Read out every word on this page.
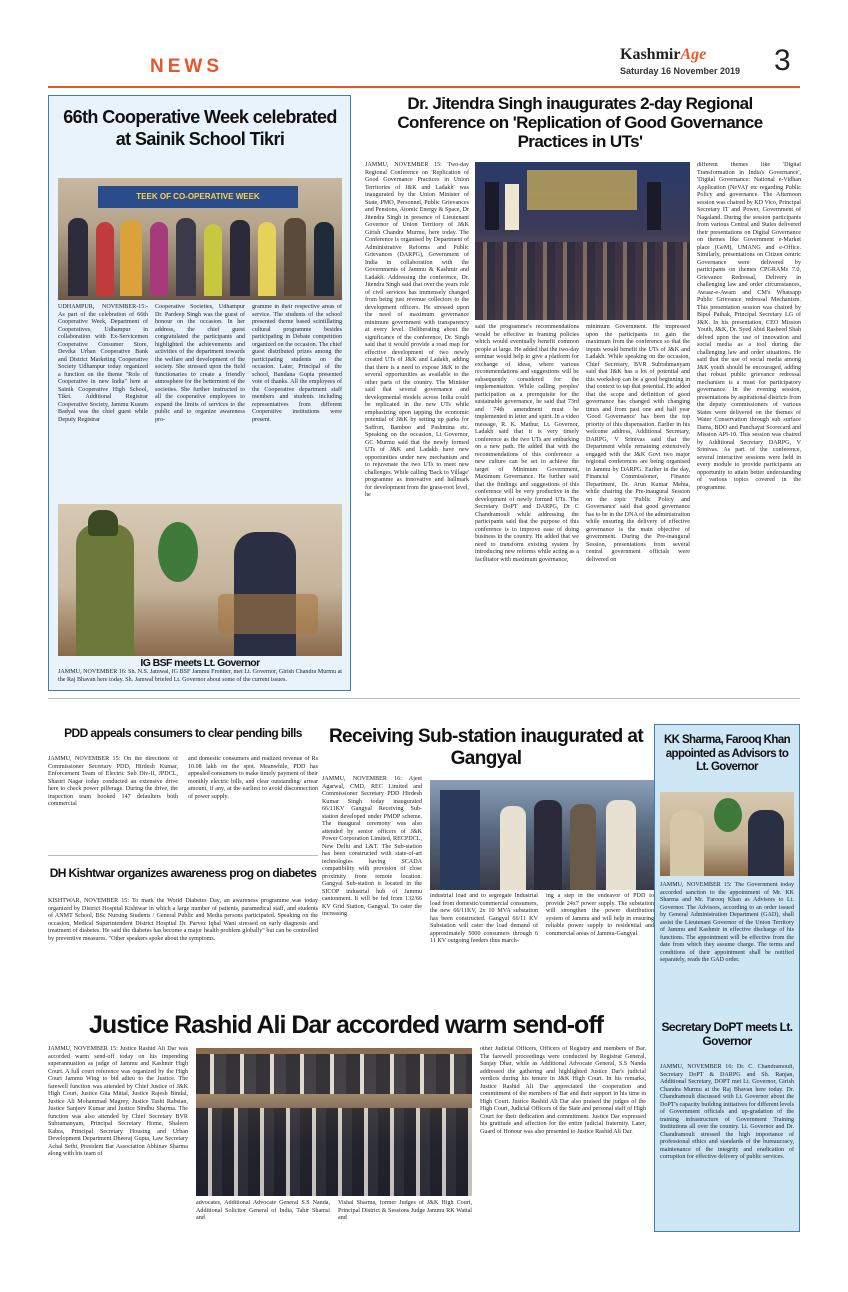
NEWS
KashmirAge
Saturday 16 November 2019 3
66th Cooperative Week celebrated at Sainik School Tikri
TEEK OF CO-OPERATIVE WEEK
UDHAMPUR, NOVEMBER-15:- As part of the celebration of 66th Cooperative Week, Department of Cooperatives, Udhampur in collaboration with Ex-Servicemen Cooperative Consumer Store, Devika Urban Cooperative Bank and District Marketing Cooperative Society Udhampur today organized a function on the theme "Role of Cooperative in new India" here at Sainik Cooperative High School, Tikri. Additional Registrar Cooperative Society, Jammu Kusum Badyal was the chief guest while Deputy Registrar
Cooperative Societies, Udhampur Dr. Pardeep Singh was the guest of honour on the occasion. In her address, the chief guest congratulated the participants and highlighted the achievements and activities of the department towards the welfare and development of the society. She stressed upon the field functionaries to create a friendly atmosphere for the betterment of the societies. She further instructed to all the cooperative employees to expand the limits of services to the public and to organize awareness pro-
gramme in their respective areas of service. The students of the school presented theme based scintillating cultural programme besides participating in Debate competition organized on the occasion. The chief guest distributed prizes among the participating students on the occasion. Later, Principal of the school, Bandana Gupta presented vote of thanks. All the employees of the Cooperative department staff members and students including representatives from different Cooperative institutions were present.
IG BSF meets Lt. Governor
JAMMU, NOVEMBER 16: Sh. N.S. Jamwal, IG BSF Jammu Frontier, met Lt. Governor, Girish Chandra Murmu at the Raj Bhavan here today. Sh. Jamwal briefed Lt. Governor about some of the current issues.
Dr. Jitendra Singh inaugurates 2-day Regional Conference on 'Replication of Good Governance Practices in UTs'
JAMMU, NOVEMBER 15: Two-day Regional Conference on 'Replication of Good Governance Practices in Union Territories of J&K and Ladakh' was inaugurated by the Union Minister of State, PMO, Personnel, Public Grievances and Pensions, Atomic Energy & Space, Dr Jitendra Singh in presence of Lieutenant Governor of Union Territory of J&K Girish Chandra Murmu, here today. The Conference is organised by Department of Administrative Reforms and Public Grievances (DARPG), Government of India in collaboration with the Governments of Jammu & Kashmir and Ladakh. Addressing the conference, Dr. Jitendra Singh said that over the years role of civil services has immensely changed from being just revenue collectors to the development officers. He stressed upon the need of maximum governance minimum government with transparency at every level. Deliberating about the significance of the conference, Dr. Singh said that it would provide a road map for effective development of two newly created UTs of J&K and Ladakh, adding that there is a need to expose J&K to the several opportunities as available to the other parts of the country. The Minister said that several governance and developmental models across India could be replicated in the new UTs while emphasizing upon tapping the economic potential of J&K by setting up parks for Saffron, Bamboo and Pashmina etc. Speaking on the occasion, Lt Governor, GC Murmu said that the newly formed UTs of J&K and Ladakh have new opportunities under new mechanism and to rejuvenate the two UTs to meet new challenges. While calling 'Back to Village' programme as innovative and hallmark for development from the grass-root level, he
said the programme's recommendations would be effective in framing policies which would eventually benefit common people at large. He added that the two-day seminar would help to give a platform for exchange of ideas, where various recommendations and suggestions will be subsequently considered for the implementation. While calling peoples' participation as a prerequisite for the sustainable governance, he said that 73rd and 74th amendment must be implemented in letter and spirit. In a video message, R. K. Mathur, Lt. Governor, Ladakh said that it is very timely conference as the two UTs are embarking on a new path. He added that with the recommendations of this conference a new culture can be set to achieve the target of Minimum Government, Maximum Governance. He further said that the findings and suggestions of this conference will be very productive in the development of newly formed UTs. The Secretary DoPT and DARPG, Dr C Chandramouli while addressing the participants said that the purpose of this conference is to improve ease of doing business in the country. He added that we need to transform existing system by introducing new reforms while acting as a facilitator with maximum governance,
minimum Government. He impressed upon the participants to gain the maximum from the conference so that the inputs would benefit the UTs of J&K and Ladakh. While speaking on the occasion, Chief Secretary, BVR Subrahmanyam said that J&K has a lot of potential and this workshop can be a good beginning in that context to tap that potential. He added that the scope and definition of good governance has changed with changing times and from past one and half year 'Good Governance' has been the top priority of this dispensation. Earlier in his welcome address, Additional Secretary, DARPG, V Srinivas said that the Department while remaining extensively engaged with the J&K Govt two major regional conferences are being organised in Jammu by DARPG. Earlier in the day, Financial Commissioner, Finance Department, Dr. Arun Kumar Mehta, while chairing the Pre-inaugural Session on the topic 'Public Policy and Governance' said that good governance has to be in the DNA of the administration while ensuring the delivery of effective governance is the main objective of government. During the Pre-inaugural Session, presentations from several central government officials were delivered on
different themes like 'Digital Transformation in India's Governance', 'Digital Governance: National e-Vidhan Application (NeVA)' etc regarding Public Policy and governance. The Afternoon session was chaired by KD Vico, Principal Secretary IT and Power, Government of Nagaland. During the session participants from various Central and States delivered their presentations on Digital Governance on themes like Government e-Market place (GeM), UMANG and e-Office. Similarly, presentations on Citizen centric Governance were delivered by participants on themes CPGRAMs 7.0, Grievance Redressal, Delivery in challenging law and order circumstances, Awaaz-e-Awam and CM's Whatsapp Public Grievance redressal Mechanism. This presentation session was chaired by Bipul Pathak, Principal Secretary LG of J&K. In his presentation, CEO Mission Youth, J&K, Dr. Syed Abid Rasheed Shah delved upon the use of innovation and social media as a tool during the challenging law and order situations. He said that the use of social media among J&K youth should be encouraged, adding that robust public grievance redressal mechanism is a must for participatory governance. In the evening session, presentations by aspirational districts from the deputy commissioners of various States were delivered on the themes of Water Conservation through sub surface Dams, BDO and Panchayat Scorecard and Mission API-10. This session was chaired by Additional Secretary DARPG, V Srinivas. As part of the conference, several interactive sessions were held in every module to provide participants an opportunity to attain better understanding of various topics covered in the programme.
PDD appeals consumers to clear pending bills
JAMMU, NOVEMBER 15: On the directions of Commissioner Secretary PDD, Hirdesh Kumar, Enforcement Team of Electric Sub Div-II, JPDCL, Shastri Nagar today conducted an extensive drive here to check power pilferage. During the drive, the inspection team booked 147 defaulters both commercial
and domestic consumers and realized revenue of Rs 10.08 lakh on the spot. Meanwhile, PDD has appealed consumers to make timely payment of their monthly electric bills, and clear outstanding/ arrear amount, if any, at the earliest to avoid disconnection of power supply.
DH Kishtwar organizes awareness prog on diabetes
KISHTWAR, NOVEMBER 15: To mark the World Diabetes Day, an awareness programme was today organized by District Hospital Kishtwar in which a large number of patients, paramedical staff, and students of ANMT School, BSc Nursing Students / General Public and Media persons participated. Speaking on the occasion, Medical Superintendent District Hospital Dr. Parvez Iqbal Wani stressed on early diagnosis and treatment of diabetes. He said the diabetes has become a major health problem globally" but can be controlled by preventive measures. "Other speakers spoke about the symptoms.
Receiving Sub-station inaugurated at Gangyal
JAMMU, NOVEMBER 16: Ajeet Agarwal, CMD, REC Limited and Commissioner Secretary PDD Hirdesh Kumar Singh today inaugurated 66/11KV Gangyal Receiving Sub-station developed under PMDP scheme. The inaugural ceremony was also attended by senior officers of J&K Power Corporation Limited, RECPDCL, New Delhi and L&T. The Sub-station has been constructed with state-of-art technologies having SCADA compatibility with provision of close proximity from remote location. Gangyal Sub-station is located in the SICOP industrial hub of Jammu cantonment. It will be fed from 132/66 KV Grid Station, Gangyal. To cater the increasing
industrial load and to segregate Industrial load from domestic/commercial consumers, the new 66/11KV, 2x 10 MVA substation has been constructed. Gangyal 66/11 KV Substation will cater the load demand of approximately 5000 consumers through 6 11 KV outgoing feeders thus march-
ing a step in the endeavor of PDD to provide 24x7 power supply. The substation will strengthen the power distribution system of Jammu and will help in ensuring reliable power supply to residential and commercial areas of Jammu-Gangyal.
KK Sharma, Farooq Khan appointed as Advisors to Lt. Governor
JAMMU, NOVEMBER 15: The Government today accorded sanction to the appointment of Mr. KK Sharma and Mr. Farooq Khan as Advisors to Lt. Governor. The Advisors, according to an order issued by General Administration Department (GAD), shall assist the Lieutenant Governor of the Union Territory of Jammu and Kashmir in effective discharge of his functions. The appointment will be effective from the date from which they assume charge. The terms and conditions of their appointment shall be notified separately, reads the GAD order.
Secretary DoPT meets Lt. Governor
JAMMU, NOVEMBER 16: Dr. C. Chandramouli, Secretary DoPT & DARPG and Sh. Ranjan, Additional Secretary, DOPT met Lt. Governor, Girish Chandra Murmu at the Raj Bhavan here today. Dr. Chandramouli discussed with Lt. Governor about the DoPT's capacity building initiatives for different levels of Government officials and up-gradation of the training infrastructure of Government Training Institutions all over the country. Lt. Governor and Dr. Chandramouli stressed the high importance of professional ethics and standards of the bureaucracy, maintenance of the integrity and eradication of corruption for effective delivery of public services.
Justice Rashid Ali Dar accorded warm send-off
JAMMU, NOVEMBER 15: Justice Rashid Ali Dar was accorded warm send-off today on his impending superannuation as judge of Jammu and Kashmir High Court. A full court reference was organized by the High Court Jammu Wing to bid adieu to the Justice. The farewell function was attended by Chief Justice of J&K High Court, Justice Gita Mittal, Justice Rajesh Bindal, Justice Ali Mohammad Magrey, Justice Tashi Rabstan, Justice Sanjeev Kumar and Justice Sindhu Sharma. The function was also attended by Chief Secretary BVR Subramanyam, Principal Secretary Home, Shaleen Kabra, Principal Secretary Housing and Urban Development Department Dheeraj Gupta, Law Secretary Achal Sethi, President Bar Association Abhinav Sharma along with his team of
advocates, Additional Advocate General S.S Nanda, Additional Solicitor General of India, Tahir Shamsi and
Vishal Sharma, former Judges of J&K High Court, Principal District & Sessions Judge Jammu RK Wattal and
other Judicial Officers, Officers of Registry and members of Bar. The farewell proceedings were conducted by Registrar General, Sanjay Dhar, while as Additional Advocate General, S.S Nanda addressed the gathering and highlighted Justice Dar's judicial verdicts during his tenure in J&K High Court. In his remarks, Justice Rashid Ali Dar appreciated the cooperation and commitment of the members of Bar and their support in his time in High Court. Justice Rashid Ali Dar also praised the judges of the High Court, Judicial Officers of the State and personal staff of High Court for their dedication and commitment. Justice Dar expressed his gratitude and affection for the entire judicial fraternity. Later, Guard of Honour was also presented to Justice Rashid Ali Dar.
